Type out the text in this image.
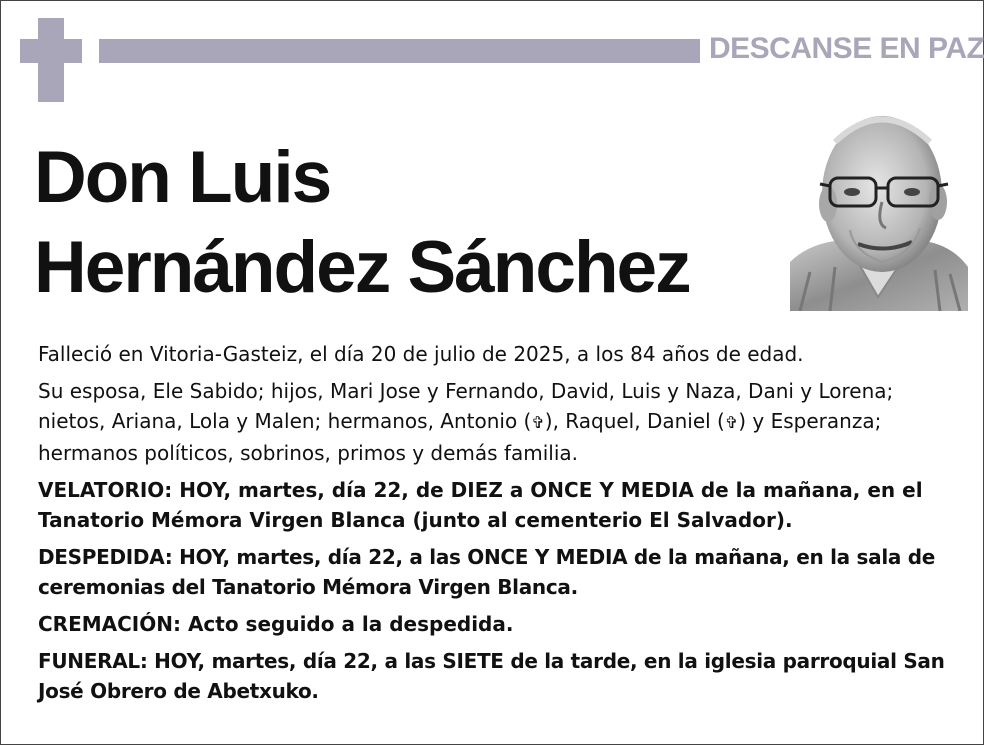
DESCANSE EN PAZ
Don Luis
Hernández Sánchez

Falleció en Vitoria-Gasteiz, el día 20 de julio de 2025, a los 84 años de edad.

Su esposa, Ele Sabido; hijos, Mari Jose y Fernando, David, Luis y Naza, Dani y Lorena; nietos, Ariana, Lola y Malen; hermanos, Antonio (✞), Raquel, Daniel (✞) y Esperanza; hermanos políticos, sobrinos, primos y demás familia.

VELATORIO: HOY, martes, día 22, de DIEZ a ONCE Y MEDIA de la mañana, en el Tanatorio Mémora Virgen Blanca (junto al cementerio El Salvador).

DESPEDIDA: HOY, martes, día 22, a las ONCE Y MEDIA de la mañana, en la sala de ceremonias del Tanatorio Mémora Virgen Blanca.

CREMACIÓN: Acto seguido a la despedida.

FUNERAL: HOY, martes, día 22, a las SIETE de la tarde, en la iglesia parroquial San José Obrero de Abetxuko.
